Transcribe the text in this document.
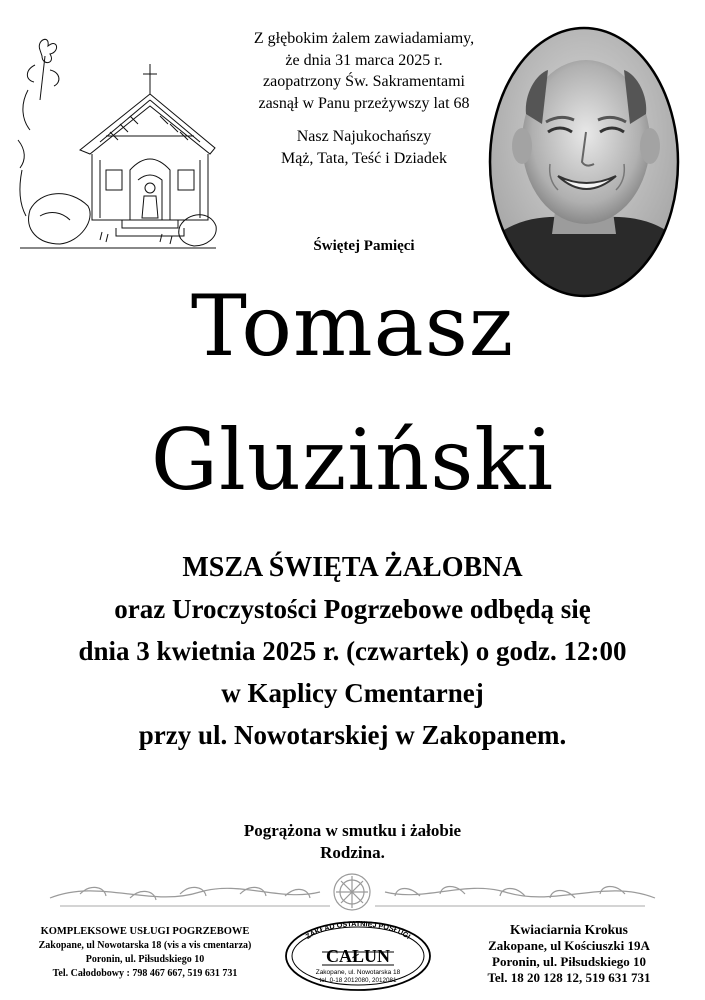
Z głębokim żalem zawiadamiamy,
że dnia 31 marca 2025 r.
zaopatrzony Św. Sakramentami
zasnął w Panu przeżywszy lat 68
Nasz Najukochańszy
Mąż, Tata, Teść i Dziadek
Świętej Pamięci
Tomasz
Gluziński
MSZA ŚWIĘTA ŻAŁOBNA
oraz Uroczystości Pogrzebowe odbędą się
dnia 3 kwietnia 2025 r. (czwartek) o godz. 12:00
w Kaplicy Cmentarnej
przy ul. Nowotarskiej w Zakopanem.
Pogrążona w smutku i żałobie
Rodzina.
KOMPLEKSOWE USŁUGI POGRZEBOWE
Zakopane, ul Nowotarska 18 (vis a vis cmentarza)
Poronin, ul. Piłsudskiego 10
Tel. Całodobowy : 798 467 667, 519 631 731
ZAKŁAD OSTATNIEJ POSŁUGI
CAŁUN
Zakopane, ul. Nowotarska 18
tel. 0-18 2012080, 2012081
Kwiaciarnia Krokus
Zakopane, ul Kościuszki 19A
Poronin, ul. Piłsudskiego 10
Tel. 18 20 128 12, 519 631 731
